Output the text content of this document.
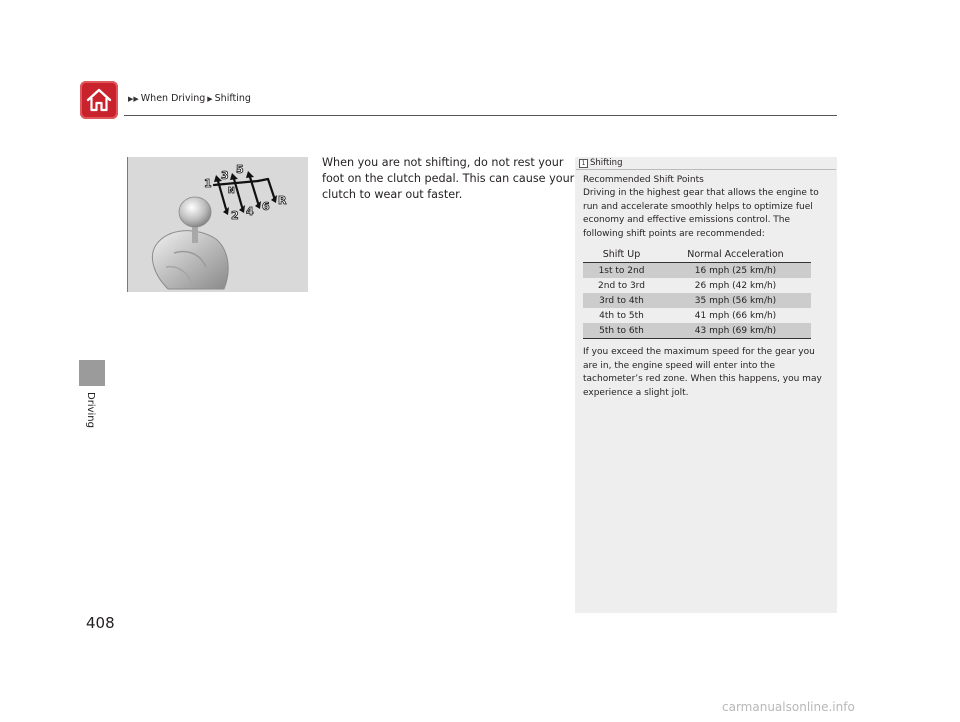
▶▶ When Driving ▶ Shifting
Driving
1
3 5
N
2 4 6 R
When you are not shifting, do not rest your
foot on the clutch pedal. This can cause your
clutch to wear out faster.
1 Shifting
Recommended Shift Points
Driving in the highest gear that allows the engine to
run and accelerate smoothly helps to optimize fuel
economy and effective emissions control. The
following shift points are recommended:
Shift Up	Normal Acceleration
1st to 2nd	16 mph (25 km/h)
2nd to 3rd	26 mph (42 km/h)
3rd to 4th	35 mph (56 km/h)
4th to 5th	41 mph (66 km/h)
5th to 6th	43 mph (69 km/h)
If you exceed the maximum speed for the gear you
are in, the engine speed will enter into the
tachometer’s red zone. When this happens, you may
experience a slight jolt.
408
carmanualsonline.info
